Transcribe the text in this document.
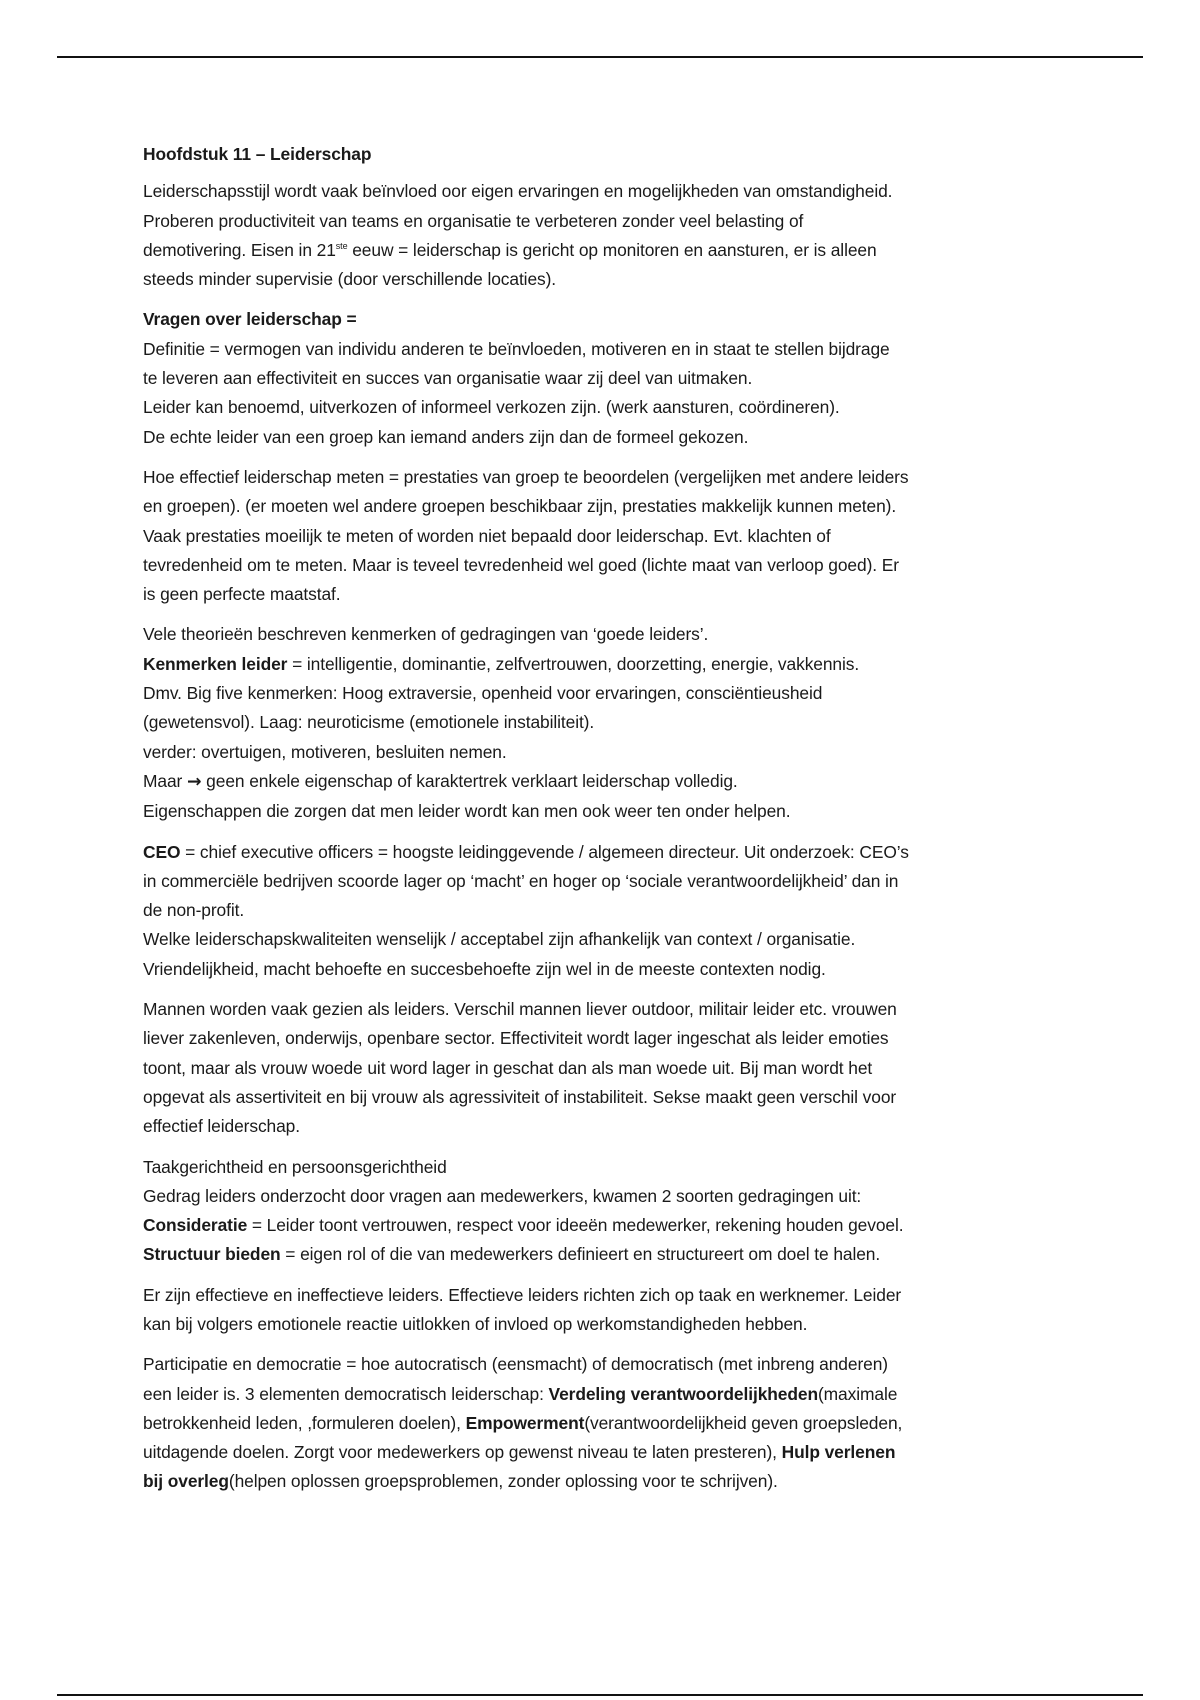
Hoofdstuk 11 – Leiderschap
Leiderschapsstijl wordt vaak beïnvloed oor eigen ervaringen en mogelijkheden van omstandigheid.
Proberen productiviteit van teams en organisatie te verbeteren zonder veel belasting of
demotivering. Eisen in 21ste eeuw = leiderschap is gericht op monitoren en aansturen, er is alleen
steeds minder supervisie (door verschillende locaties).
Vragen over leiderschap =
Definitie = vermogen van individu anderen te beïnvloeden, motiveren en in staat te stellen bijdrage
te leveren aan effectiviteit en succes van organisatie waar zij deel van uitmaken.
Leider kan benoemd, uitverkozen of informeel verkozen zijn. (werk aansturen, coördineren).
De echte leider van een groep kan iemand anders zijn dan de formeel gekozen.
Hoe effectief leiderschap meten = prestaties van groep te beoordelen (vergelijken met andere leiders
en groepen). (er moeten wel andere groepen beschikbaar zijn, prestaties makkelijk kunnen meten).
Vaak prestaties moeilijk te meten of worden niet bepaald door leiderschap. Evt. klachten of
tevredenheid om te meten. Maar is teveel tevredenheid wel goed (lichte maat van verloop goed). Er
is geen perfecte maatstaf.
Vele theorieën beschreven kenmerken of gedragingen van ‘goede leiders’.
Kenmerken leider = intelligentie, dominantie, zelfvertrouwen, doorzetting, energie, vakkennis.
Dmv. Big five kenmerken: Hoog extraversie, openheid voor ervaringen, consciëntieusheid
(gewetensvol). Laag: neuroticisme (emotionele instabiliteit).
verder: overtuigen, motiveren, besluiten nemen.
Maar → geen enkele eigenschap of karaktertrek verklaart leiderschap volledig.
Eigenschappen die zorgen dat men leider wordt kan men ook weer ten onder helpen.
CEO = chief executive officers = hoogste leidinggevende / algemeen directeur. Uit onderzoek: CEO’s
in commerciële bedrijven scoorde lager op ‘macht’ en hoger op ‘sociale verantwoordelijkheid’ dan in
de non-profit.
Welke leiderschapskwaliteiten wenselijk / acceptabel zijn afhankelijk van context / organisatie.
Vriendelijkheid, macht behoefte en succesbehoefte zijn wel in de meeste contexten nodig.
Mannen worden vaak gezien als leiders. Verschil mannen liever outdoor, militair leider etc. vrouwen
liever zakenleven, onderwijs, openbare sector. Effectiviteit wordt lager ingeschat als leider emoties
toont, maar als vrouw woede uit word lager in geschat dan als man woede uit. Bij man wordt het
opgevat als assertiviteit en bij vrouw als agressiviteit of instabiliteit. Sekse maakt geen verschil voor
effectief leiderschap.
Taakgerichtheid en persoonsgerichtheid
Gedrag leiders onderzocht door vragen aan medewerkers, kwamen 2 soorten gedragingen uit:
Consideratie = Leider toont vertrouwen, respect voor ideeën medewerker, rekening houden gevoel.
Structuur bieden = eigen rol of die van medewerkers definieert en structureert om doel te halen.
Er zijn effectieve en ineffectieve leiders. Effectieve leiders richten zich op taak en werknemer. Leider
kan bij volgers emotionele reactie uitlokken of invloed op werkomstandigheden hebben.
Participatie en democratie = hoe autocratisch (eensmacht) of democratisch (met inbreng anderen)
een leider is. 3 elementen democratisch leiderschap: Verdeling verantwoordelijkheden(maximale
betrokkenheid leden, ,formuleren doelen), Empowerment(verantwoordelijkheid geven groepsleden,
uitdagende doelen. Zorgt voor medewerkers op gewenst niveau te laten presteren), Hulp verlenen
bij overleg(helpen oplossen groepsproblemen, zonder oplossing voor te schrijven).
